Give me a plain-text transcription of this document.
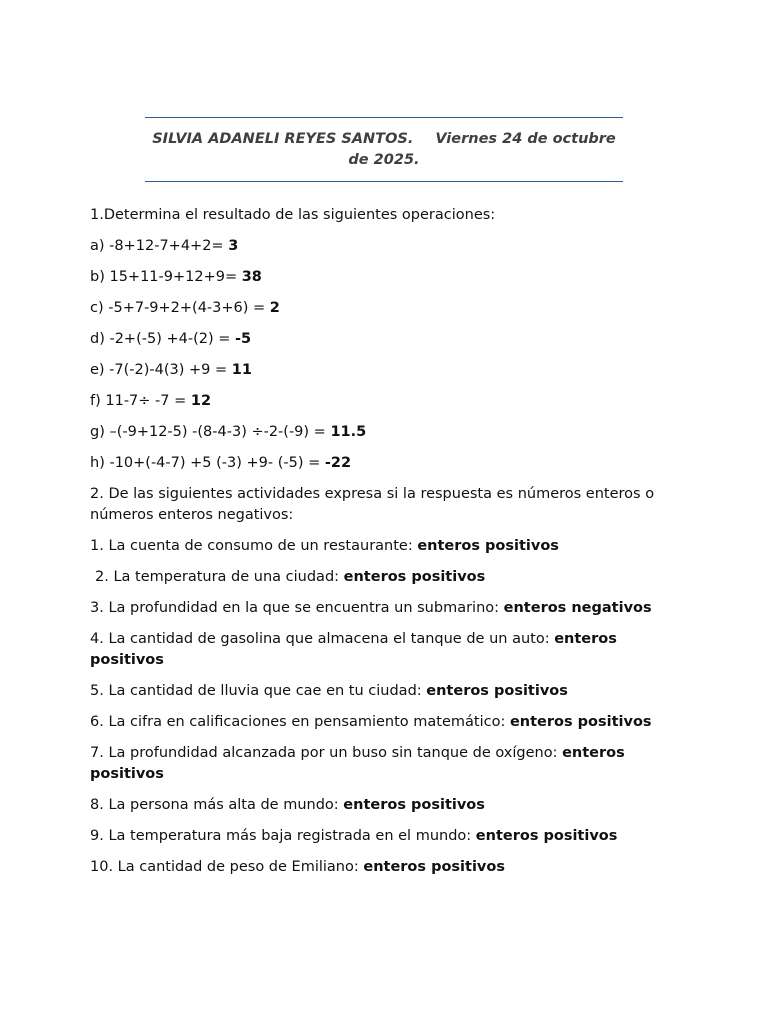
SILVIA ADANELI REYES SANTOS. Viernes 24 de octubre de 2025.

1.Determina el resultado de las siguientes operaciones:

a) -8+12-7+4+2= 3

b) 15+11-9+12+9= 38

c) -5+7-9+2+(4-3+6) = 2

d) -2+(-5) +4-(2) = -5

e) -7(-2)-4(3) +9 = 11

f) 11-7÷ -7 = 12

g) –(-9+12-5) -(8-4-3) ÷-2-(-9) = 11.5

h) -10+(-4-7) +5 (-3) +9- (-5) = -22

2. De las siguientes actividades expresa si la respuesta es números enteros o números enteros negativos:

1. La cuenta de consumo de un restaurante: enteros positivos

2. La temperatura de una ciudad: enteros positivos

3. La profundidad en la que se encuentra un submarino: enteros negativos

4. La cantidad de gasolina que almacena el tanque de un auto: enteros positivos

5. La cantidad de lluvia que cae en tu ciudad: enteros positivos

6. La cifra en calificaciones en pensamiento matemático: enteros positivos

7. La profundidad alcanzada por un buso sin tanque de oxígeno: enteros positivos

8. La persona más alta de mundo: enteros positivos

9. La temperatura más baja registrada en el mundo: enteros positivos

10. La cantidad de peso de Emiliano: enteros positivos
